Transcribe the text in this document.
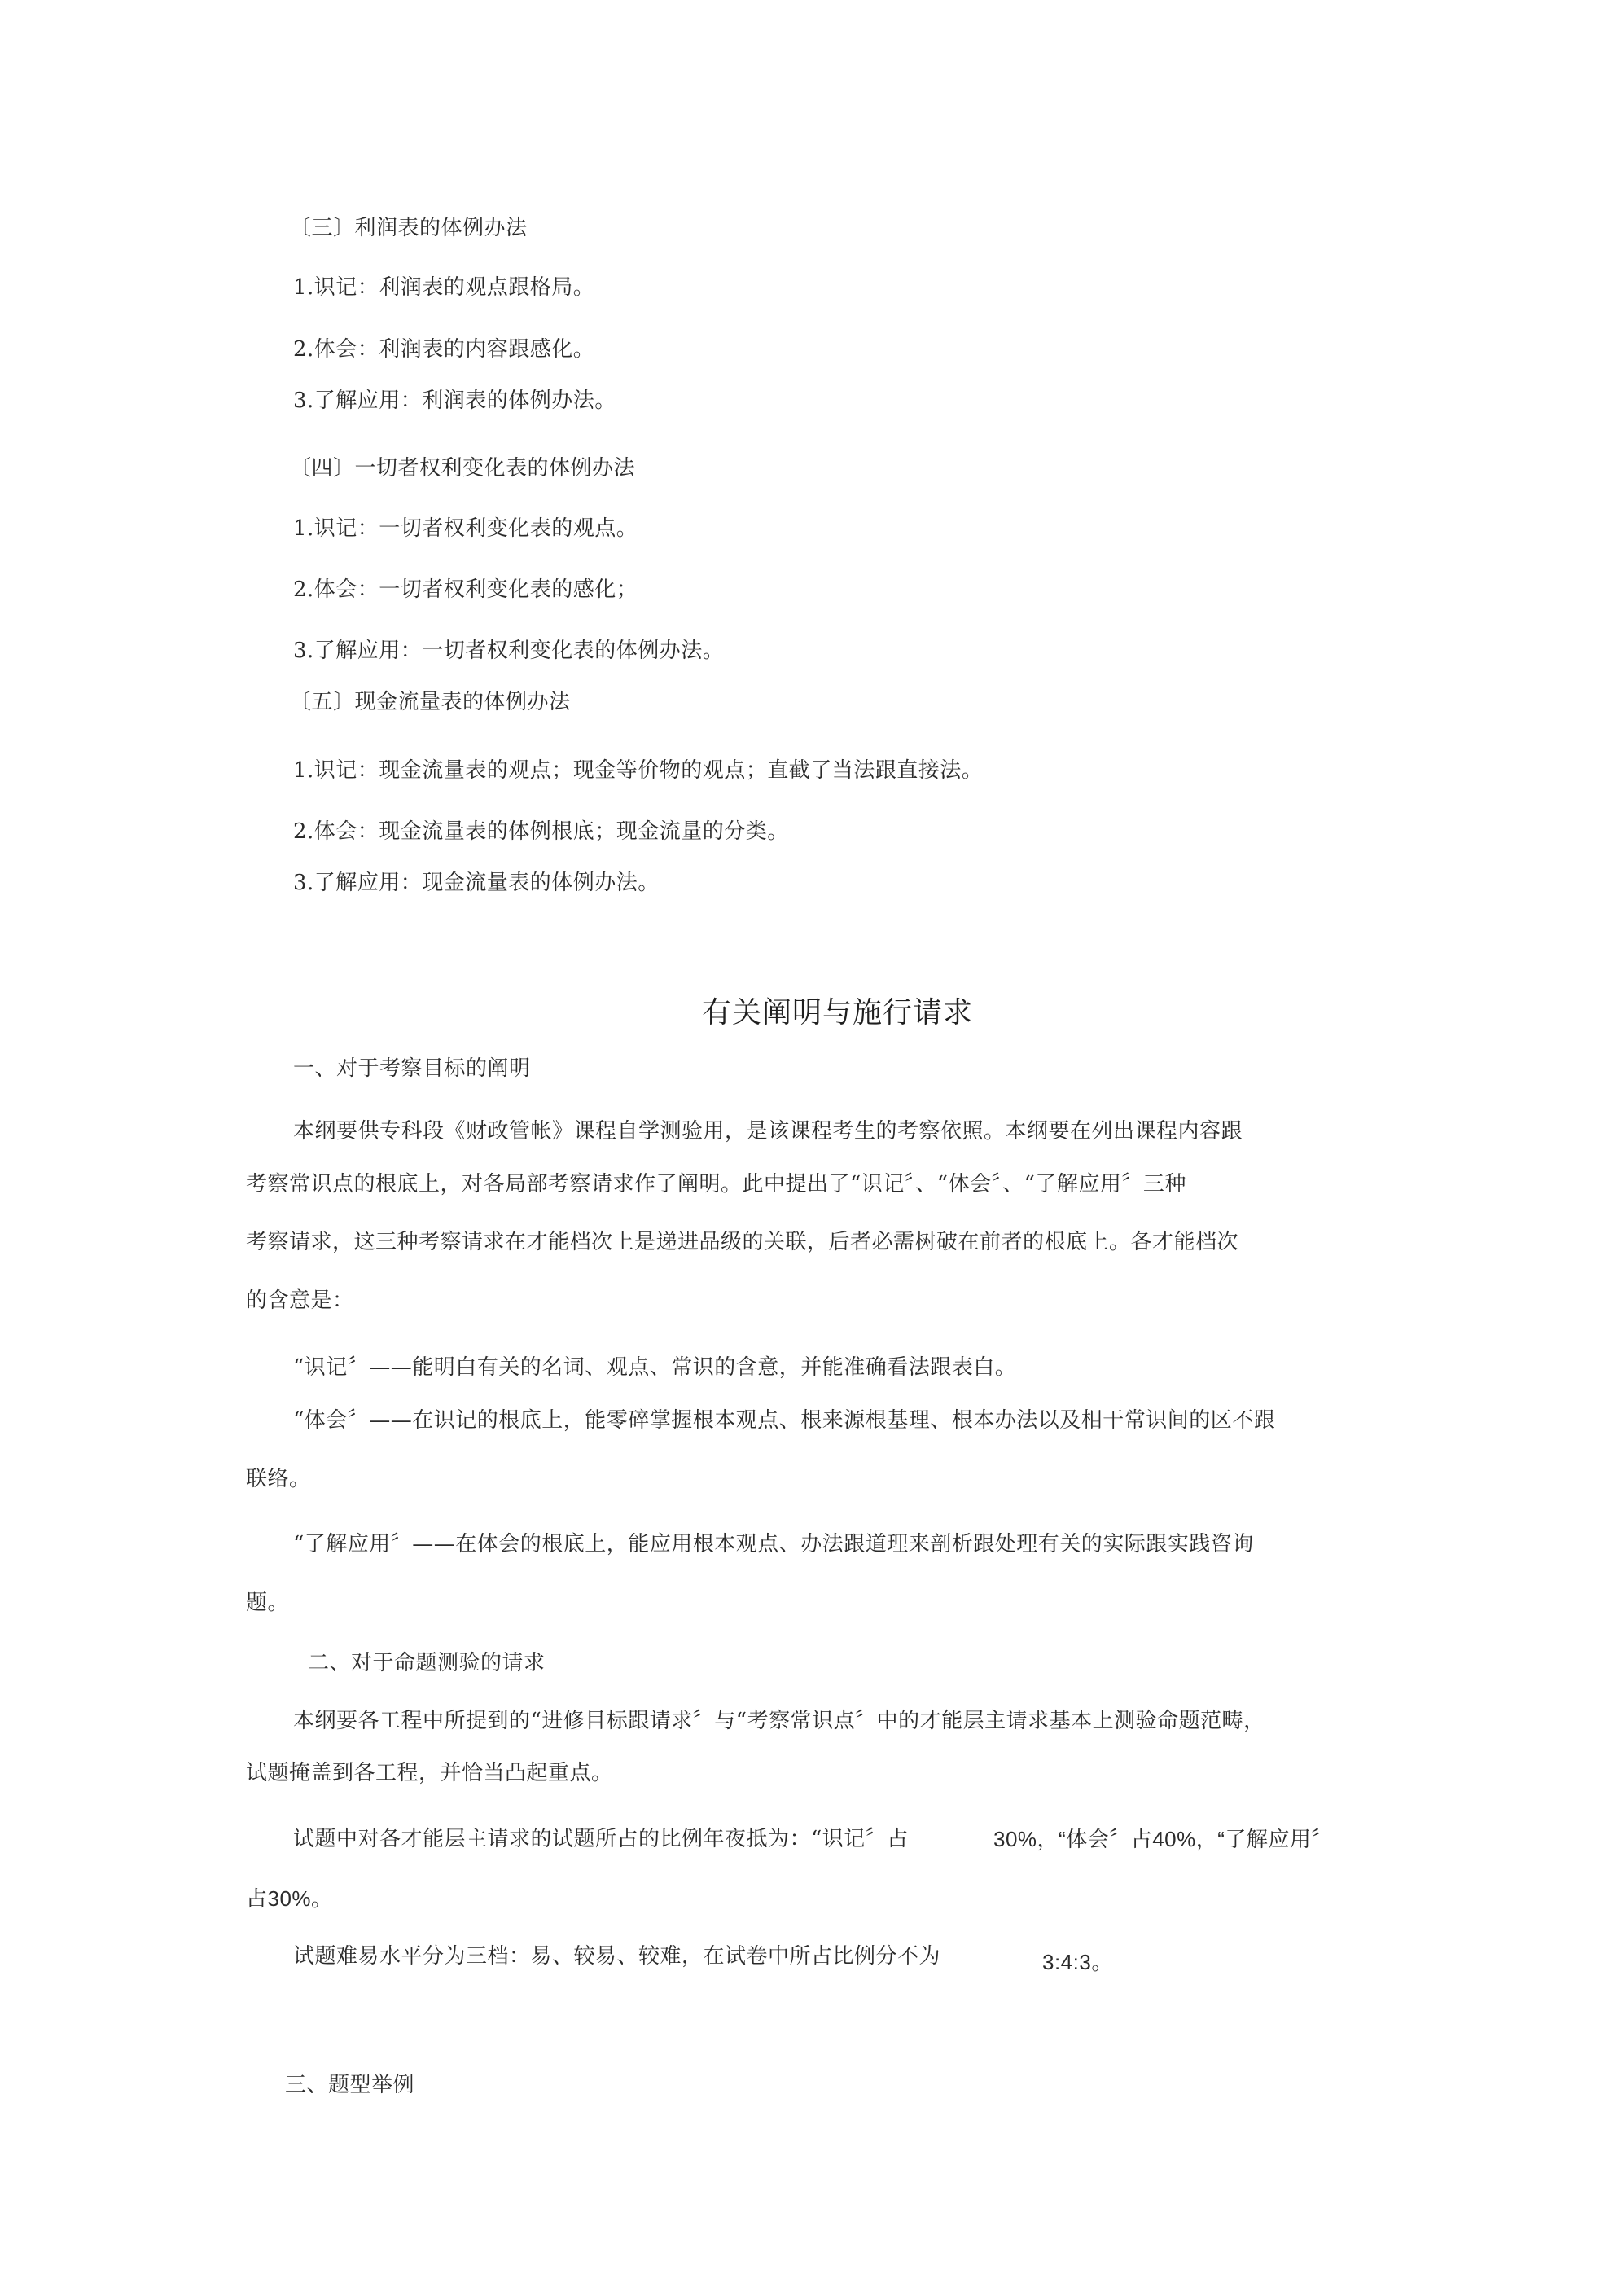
〔三〕利润表的体例办法
1.识记：利润表的观点跟格局。
2.体会：利润表的内容跟感化。
3.了解应用：利润表的体例办法。
〔四〕一切者权利变化表的体例办法
1.识记：一切者权利变化表的观点。
2.体会：一切者权利变化表的感化；
3.了解应用：一切者权利变化表的体例办法。
〔五〕现金流量表的体例办法
1.识记：现金流量表的观点；现金等价物的观点；直截了当法跟直接法。
2.体会：现金流量表的体例根底；现金流量的分类。
3.了解应用：现金流量表的体例办法。
有关阐明与施行请求
一、对于考察目标的阐明
本纲要供专科段《财政管帐》课程自学测验用，是该课程考生的考察依照。本纲要在列出课程内容跟
考察常识点的根底上，对各局部考察请求作了阐明。此中提出了“识记〞、“体会〞、“了解应用〞三种
考察请求，这三种考察请求在才能档次上是递进品级的关联，后者必需树破在前者的根底上。各才能档次
的含意是：
“识记〞——能明白有关的名词、观点、常识的含意，并能准确看法跟表白。
“体会〞——在识记的根底上，能零碎掌握根本观点、根来源根基理、根本办法以及相干常识间的区不跟
联络。
“了解应用〞——在体会的根底上，能应用根本观点、办法跟道理来剖析跟处理有关的实际跟实践咨询
题。
二、对于命题测验的请求
本纲要各工程中所提到的“进修目标跟请求〞与“考察常识点〞中的才能层主请求基本上测验命题范畴，
试题掩盖到各工程，并恰当凸起重点。
试题中对各才能层主请求的试题所占的比例年夜抵为：“识记〞占	30%，“体会〞占40%，“了解应用〞
占30%。
试题难易水平分为三档：易、较易、较难，在试卷中所占比例分不为	3:4:3。
三、题型举例
